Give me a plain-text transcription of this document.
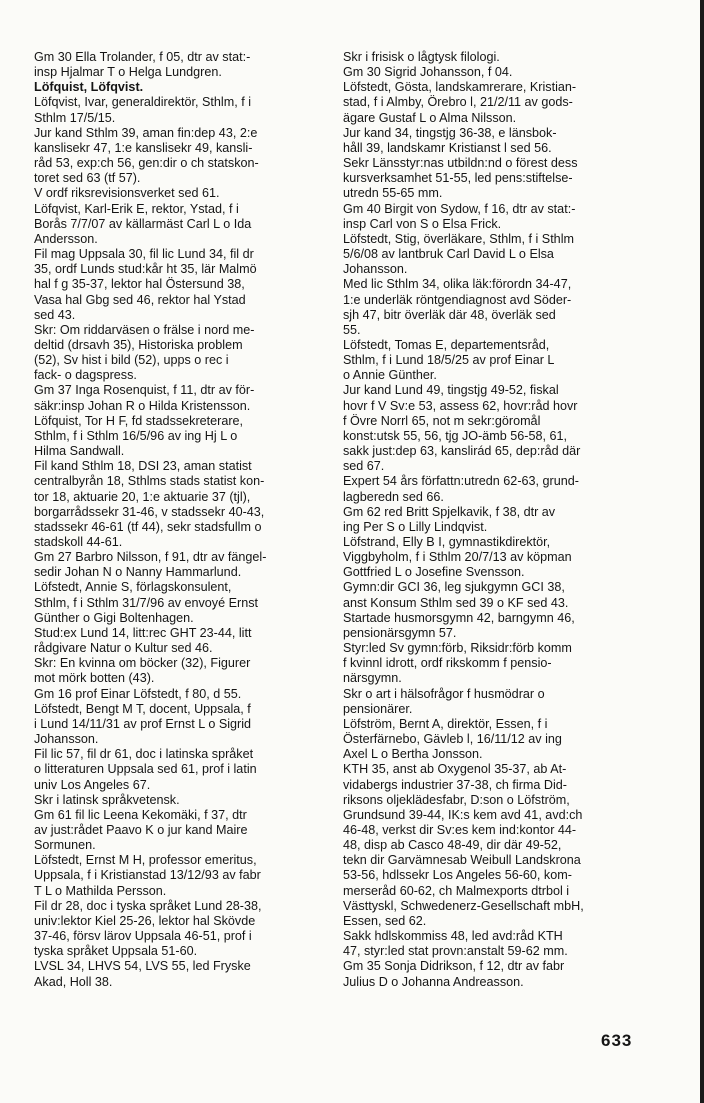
Gm 30 Ella Trolander, f 05, dtr av stat:-
insp Hjalmar T o Helga Lundgren.
Löfquist, Löfqvist.
Löfqvist, Ivar, generaldirektör, Sthlm, f i
Sthlm 17/5/15.
Jur kand Sthlm 39, aman fin:dep 43, 2:e
kanslisekr 47, 1:e kanslisekr 49, kansli-
råd 53, exp:ch 56, gen:dir o ch statskon-
toret sed 63 (tf 57).
V ordf riksrevisionsverket sed 61.
Löfqvist, Karl-Erik E, rektor, Ystad, f i
Borås 7/7/07 av källarmäst Carl L o Ida
Andersson.
Fil mag Uppsala 30, fil lic Lund 34, fil dr
35, ordf Lunds stud:kår ht 35, lär Malmö
hal f g 35-37, lektor hal Östersund 38,
Vasa hal Gbg sed 46, rektor hal Ystad
sed 43.
Skr: Om riddarväsen o frälse i nord me-
deltid (drsavh 35), Historiska problem
(52), Sv hist i bild (52), upps o rec i
fack- o dagspress.
Gm 37 Inga Rosenquist, f 11, dtr av för-
säkr:insp Johan R o Hilda Kristensson.
Löfquist, Tor H F, fd stadssekreterare,
Sthlm, f i Sthlm 16/5/96 av ing Hj L o
Hilma Sandwall.
Fil kand Sthlm 18, DSI 23, aman statist
centralbyrån 18, Sthlms stads statist kon-
tor 18, aktuarie 20, 1:e aktuarie 37 (tjl),
borgarrådssekr 31-46, v stadssekr 40-43,
stadssekr 46-61 (tf 44), sekr stadsfullm o
stadskoll 44-61.
Gm 27 Barbro Nilsson, f 91, dtr av fängel-
sedir Johan N o Nanny Hammarlund.
Löfstedt, Annie S, förlagskonsulent,
Sthlm, f i Sthlm 31/7/96 av envoyé Ernst
Günther o Gigi Boltenhagen.
Stud:ex Lund 14, litt:rec GHT 23-44, litt
rådgivare Natur o Kultur sed 46.
Skr: En kvinna om böcker (32), Figurer
mot mörk botten (43).
Gm 16 prof Einar Löfstedt, f 80, d 55.
Löfstedt, Bengt M T, docent, Uppsala, f
i Lund 14/11/31 av prof Ernst L o Sigrid
Johansson.
Fil lic 57, fil dr 61, doc i latinska språket
o litteraturen Uppsala sed 61, prof i latin
univ Los Angeles 67.
Skr i latinsk språkvetensk.
Gm 61 fil lic Leena Kekomäki, f 37, dtr
av just:rådet Paavo K o jur kand Maire
Sormunen.
Löfstedt, Ernst M H, professor emeritus,
Uppsala, f i Kristianstad 13/12/93 av fabr
T L o Mathilda Persson.
Fil dr 28, doc i tyska språket Lund 28-38,
univ:lektor Kiel 25-26, lektor hal Skövde
37-46, försv lärov Uppsala 46-51, prof i
tyska språket Uppsala 51-60.
LVSL 34, LHVS 54, LVS 55, led Fryske
Akad, Holl 38.
Skr i frisisk o lågtysk filologi.
Gm 30 Sigrid Johansson, f 04.
Löfstedt, Gösta, landskamrerare, Kristian-
stad, f i Almby, Örebro l, 21/2/11 av gods-
ägare Gustaf L o Alma Nilsson.
Jur kand 34, tingstjg 36-38, e länsbok-
håll 39, landskamr Kristianst l sed 56.
Sekr Länsstyr:nas utbildn:nd o förest dess
kursverksamhet 51-55, led pens:stiftelse-
utredn 55-65 mm.
Gm 40 Birgit von Sydow, f 16, dtr av stat:-
insp Carl von S o Elsa Frick.
Löfstedt, Stig, överläkare, Sthlm, f i Sthlm
5/6/08 av lantbruk Carl David L o Elsa
Johansson.
Med lic Sthlm 34, olika läk:förordn 34-47,
1:e underläk röntgendiagnost avd Söder-
sjh 47, bitr överläk där 48, överläk sed
55.
Löfstedt, Tomas E, departementsråd,
Sthlm, f i Lund 18/5/25 av prof Einar L
o Annie Günther.
Jur kand Lund 49, tingstjg 49-52, fiskal
hovr f V Sv:e 53, assess 62, hovr:råd hovr
f Övre Norrl 65, not m sekr:göromål
konst:utsk 55, 56, tjg JO-ämb 56-58, 61,
sakk just:dep 63, kanslirád 65, dep:råd där
sed 67.
Expert 54 års författn:utredn 62-63, grund-
lagberedn sed 66.
Gm 62 red Britt Spjelkavik, f 38, dtr av
ing Per S o Lilly Lindqvist.
Löfstrand, Elly B I, gymnastikdirektör,
Viggbyholm, f i Sthlm 20/7/13 av köpman
Gottfried L o Josefine Svensson.
Gymn:dir GCI 36, leg sjukgymn GCI 38,
anst Konsum Sthlm sed 39 o KF sed 43.
Startade husmorsgymn 42, barngymn 46,
pensionärsgymn 57.
Styr:led Sv gymn:förb, Riksidr:förb komm
f kvinnl idrott, ordf rikskomm f pensio-
närsgymn.
Skr o art i hälsofrågor f husmödrar o
pensionärer.
Löfström, Bernt A, direktör, Essen, f i
Österfärnebo, Gävleb l, 16/11/12 av ing
Axel L o Bertha Jonsson.
KTH 35, anst ab Oxygenol 35-37, ab At-
vidabergs industrier 37-38, ch firma Did-
riksons oljeklädesfabr, D:son o Löfström,
Grundsund 39-44, IK:s kem avd 41, avd:ch
46-48, verkst dir Sv:es kem ind:kontor 44-
48, disp ab Casco 48-49, dir där 49-52,
tekn dir Garvämnesab Weibull Landskrona
53-56, hdlssekr Los Angeles 56-60, kom-
merseråd 60-62, ch Malmexports dtrbol i
Västtyskl, Schwedenerz-Gesellschaft mbH,
Essen, sed 62.
Sakk hdlskommiss 48, led avd:råd KTH
47, styr:led stat provn:anstalt 59-62 mm.
Gm 35 Sonja Didrikson, f 12, dtr av fabr
Julius D o Johanna Andreasson.
633
